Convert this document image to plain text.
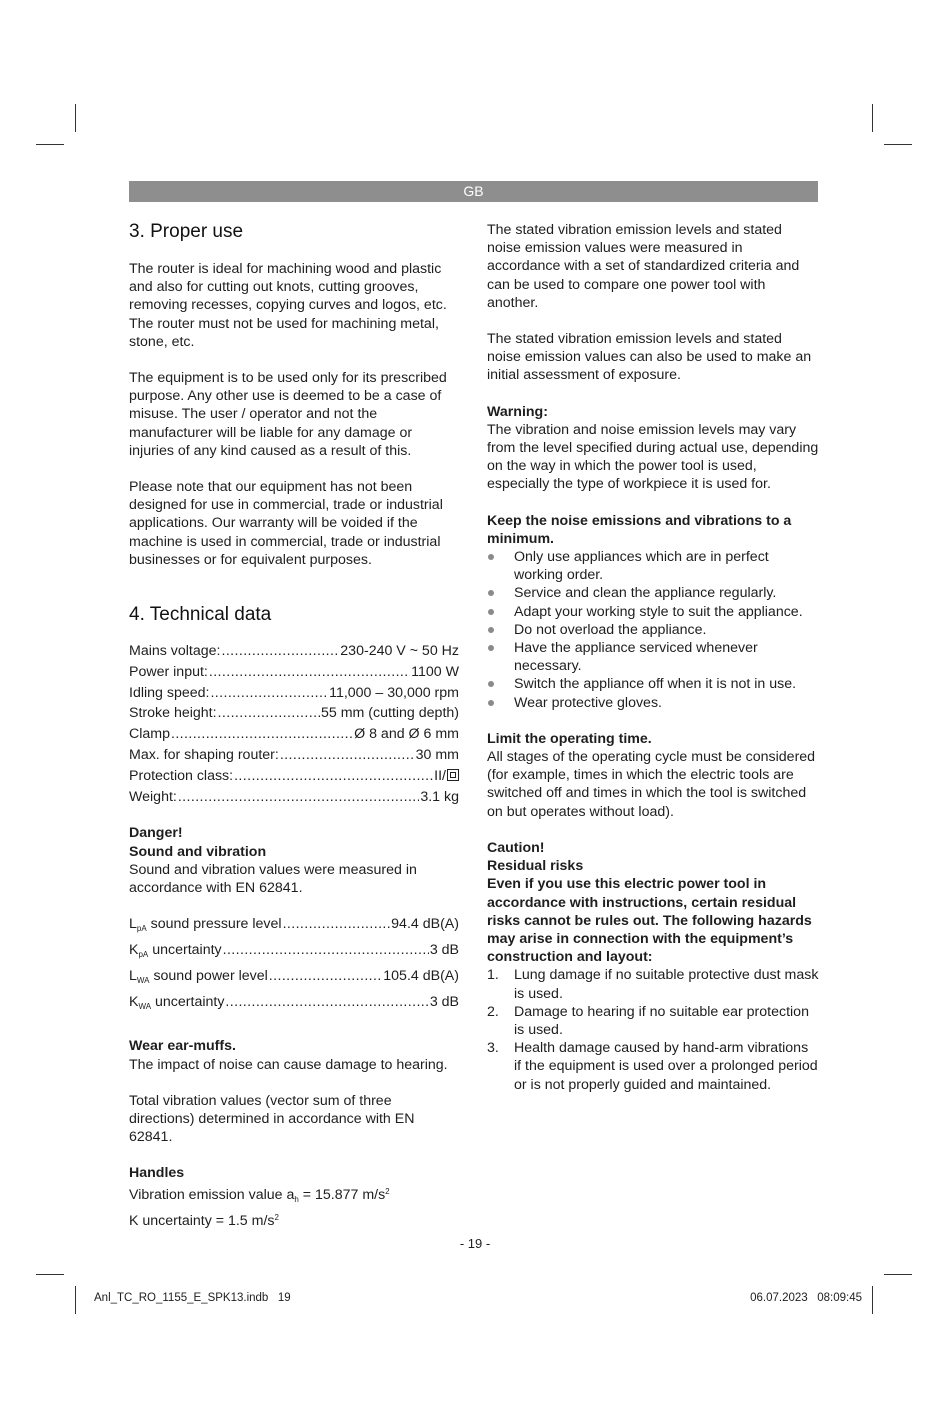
GB
3. Proper use

The router is ideal for machining wood and plastic and also for cutting out knots, cutting grooves, removing recesses, copying curves and logos, etc. The router must not be used for machining metal, stone, etc.

The equipment is to be used only for its prescribed purpose. Any other use is deemed to be a case of misuse. The user / operator and not the manufacturer will be liable for any damage or injuries of any kind caused as a result of this.

Please note that our equipment has not been designed for use in commercial, trade or industrial applications. Our warranty will be voided if the machine is used in commercial, trade or industrial businesses or for equivalent purposes.

4. Technical data
Mains voltage: .....	230-240 V ~ 50 Hz
Power input: .....	1100 W
Idling speed: .....	11,000 – 30,000 rpm
Stroke height: .....	55 mm (cutting depth)
Clamp .....	Ø 8 and Ø 6 mm
Max. for shaping router: .....	30 mm
Protection class: .....	II/
Weight: .....	3.1 kg

Danger!

Sound and vibration

Sound and vibration values were measured in accordance with EN 62841.

$L_{pA}$ sound pressure level .....	94.4 dB(A)
$K_{pA}$ uncertainty .....	3 dB
$L_{WA}$ sound power level .....	105.4 dB(A)
$K_{WA}$ uncertainty .....	3 dB

Wear ear-muffs.

The impact of noise can cause damage to hearing.

Total vibration values (vector sum of three directions) determined in accordance with EN 62841.

Handles

Vibration emission value $a_h = 15.877$ $m/s^2$

K uncertainty = 1.5 $m/s^2$

The stated vibration emission levels and stated noise emission values were measured in accordance with a set of standardized criteria and can be used to compare one power tool with another.

The stated vibration emission levels and stated noise emission values can also be used to make an initial assessment of exposure.

Warning:

The vibration and noise emission levels may vary from the level specified during actual use, depending on the way in which the power tool is used, especially the type of workpiece it is used for.

Keep the noise emissions and vibrations to a minimum.

Only use appliances which are in perfect working order.
Service and clean the appliance regularly.
Adapt your working style to suit the appliance.
Do not overload the appliance.
Have the appliance serviced whenever necessary.
Switch the appliance off when it is not in use.
Wear protective gloves.

Limit the operating time.

All stages of the operating cycle must be considered (for example, times in which the electric tools are switched off and times in which the tool is switched on but operates without load).

Caution!

Residual risks

Even if you use this electric power tool in accordance with instructions, certain residual risks cannot be rules out. The following hazards may arise in connection with the equipment’s construction and layout:

1. Lung damage if no suitable protective dust mask is used.
2. Damage to hearing if no suitable ear protection is used.
3. Health damage caused by hand-arm vibrations if the equipment is used over a prolonged period or is not properly guided and maintained.
- 19 -
Anl_TC_RO_1155_E_SPK13.indb   19	06.07.2023   08:09:45
